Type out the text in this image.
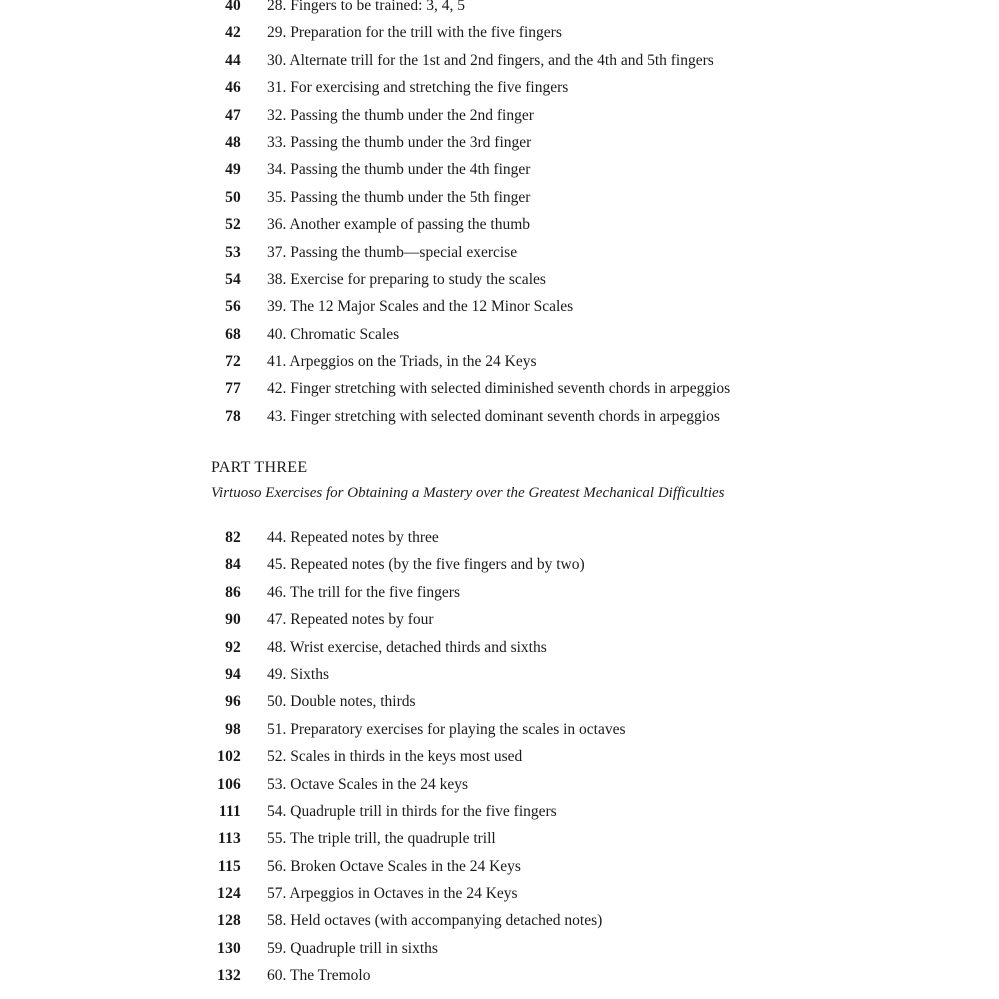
40 28. Fingers to be trained: 3, 4, 5
42 29. Preparation for the trill with the five fingers
44 30. Alternate trill for the 1st and 2nd fingers, and the 4th and 5th fingers
46 31. For exercising and stretching the five fingers
47 32. Passing the thumb under the 2nd finger
48 33. Passing the thumb under the 3rd finger
49 34. Passing the thumb under the 4th finger
50 35. Passing the thumb under the 5th finger
52 36. Another example of passing the thumb
53 37. Passing the thumb—special exercise
54 38. Exercise for preparing to study the scales
56 39. The 12 Major Scales and the 12 Minor Scales
68 40. Chromatic Scales
72 41. Arpeggios on the Triads, in the 24 Keys
77 42. Finger stretching with selected diminished seventh chords in arpeggios
78 43. Finger stretching with selected dominant seventh chords in arpeggios
PART THREE
Virtuoso Exercises for Obtaining a Mastery over the Greatest Mechanical Difficulties
82 44. Repeated notes by three
84 45. Repeated notes (by the five fingers and by two)
86 46. The trill for the five fingers
90 47. Repeated notes by four
92 48. Wrist exercise, detached thirds and sixths
94 49. Sixths
96 50. Double notes, thirds
98 51. Preparatory exercises for playing the scales in octaves
102 52. Scales in thirds in the keys most used
106 53. Octave Scales in the 24 keys
111 54. Quadruple trill in thirds for the five fingers
113 55. The triple trill, the quadruple trill
115 56. Broken Octave Scales in the 24 Keys
124 57. Arpeggios in Octaves in the 24 Keys
128 58. Held octaves (with accompanying detached notes)
130 59. Quadruple trill in sixths
132 60. The Tremolo
